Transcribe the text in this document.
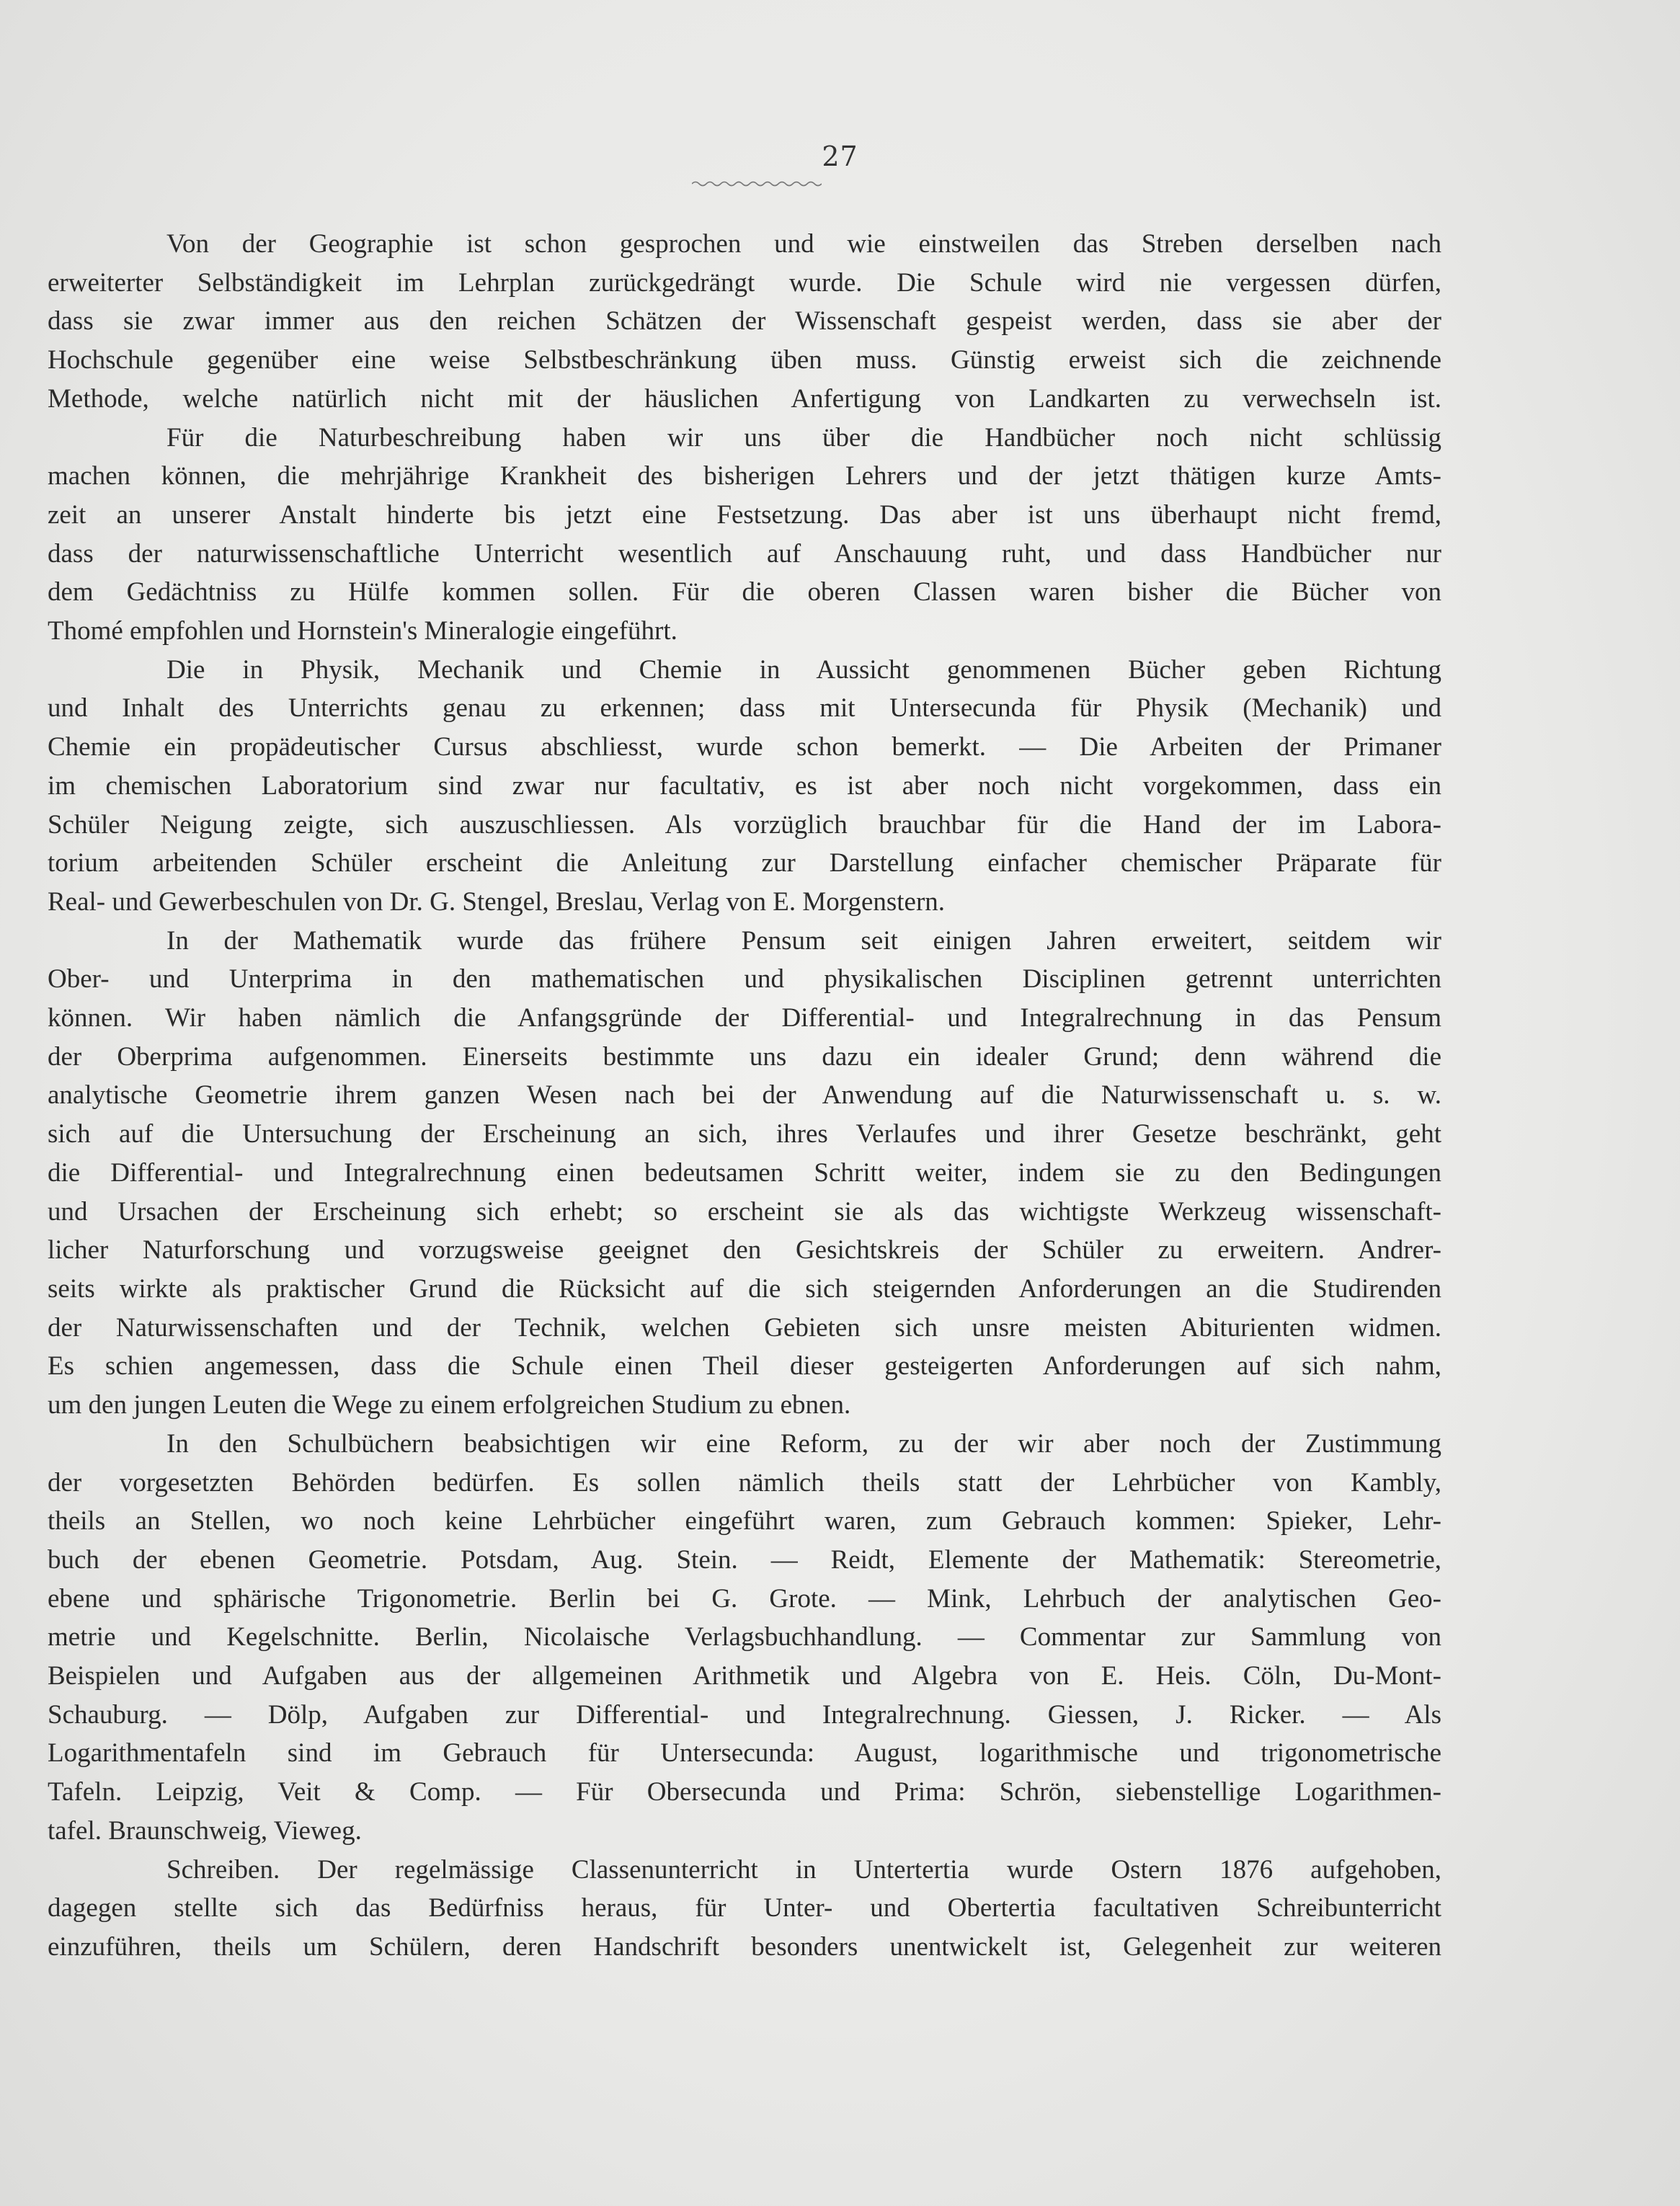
27

Von der Geographie ist schon gesprochen und wie einstweilen das Streben derselben nach
erweiterter Selbständigkeit im Lehrplan zurückgedrängt wurde. Die Schule wird nie vergessen dürfen,
dass sie zwar immer aus den reichen Schätzen der Wissenschaft gespeist werden, dass sie aber der
Hochschule gegenüber eine weise Selbstbeschränkung üben muss. Günstig erweist sich die zeichnende
Methode, welche natürlich nicht mit der häuslichen Anfertigung von Landkarten zu verwechseln ist.

Für die Naturbeschreibung haben wir uns über die Handbücher noch nicht schlüssig
machen können, die mehrjährige Krankheit des bisherigen Lehrers und der jetzt thätigen kurze Amts-
zeit an unserer Anstalt hinderte bis jetzt eine Festsetzung. Das aber ist uns überhaupt nicht fremd,
dass der naturwissenschaftliche Unterricht wesentlich auf Anschauung ruht, und dass Handbücher nur
dem Gedächtniss zu Hülfe kommen sollen. Für die oberen Classen waren bisher die Bücher von
Thomé empfohlen und Hornstein's Mineralogie eingeführt.

Die in Physik, Mechanik und Chemie in Aussicht genommenen Bücher geben Richtung
und Inhalt des Unterrichts genau zu erkennen; dass mit Untersecunda für Physik (Mechanik) und
Chemie ein propädeutischer Cursus abschliesst, wurde schon bemerkt. — Die Arbeiten der Primaner
im chemischen Laboratorium sind zwar nur facultativ, es ist aber noch nicht vorgekommen, dass ein
Schüler Neigung zeigte, sich auszuschliessen. Als vorzüglich brauchbar für die Hand der im Labora-
torium arbeitenden Schüler erscheint die Anleitung zur Darstellung einfacher chemischer Präparate für
Real- und Gewerbeschulen von Dr. G. Stengel, Breslau, Verlag von E. Morgenstern.

In der Mathematik wurde das frühere Pensum seit einigen Jahren erweitert, seitdem wir
Ober- und Unterprima in den mathematischen und physikalischen Disciplinen getrennt unterrichten
können. Wir haben nämlich die Anfangsgründe der Differential- und Integralrechnung in das Pensum
der Oberprima aufgenommen. Einerseits bestimmte uns dazu ein idealer Grund; denn während die
analytische Geometrie ihrem ganzen Wesen nach bei der Anwendung auf die Naturwissenschaft u. s. w.
sich auf die Untersuchung der Erscheinung an sich, ihres Verlaufes und ihrer Gesetze beschränkt, geht
die Differential- und Integralrechnung einen bedeutsamen Schritt weiter, indem sie zu den Bedingungen
und Ursachen der Erscheinung sich erhebt; so erscheint sie als das wichtigste Werkzeug wissenschaft-
licher Naturforschung und vorzugsweise geeignet den Gesichtskreis der Schüler zu erweitern. Andrer-
seits wirkte als praktischer Grund die Rücksicht auf die sich steigernden Anforderungen an die Studirenden
der Naturwissenschaften und der Technik, welchen Gebieten sich unsre meisten Abiturienten widmen.
Es schien angemessen, dass die Schule einen Theil dieser gesteigerten Anforderungen auf sich nahm,
um den jungen Leuten die Wege zu einem erfolgreichen Studium zu ebnen.

In den Schulbüchern beabsichtigen wir eine Reform, zu der wir aber noch der Zustimmung
der vorgesetzten Behörden bedürfen. Es sollen nämlich theils statt der Lehrbücher von Kambly,
theils an Stellen, wo noch keine Lehrbücher eingeführt waren, zum Gebrauch kommen: Spieker, Lehr-
buch der ebenen Geometrie. Potsdam, Aug. Stein. — Reidt, Elemente der Mathematik: Stereometrie,
ebene und sphärische Trigonometrie. Berlin bei G. Grote. — Mink, Lehrbuch der analytischen Geo-
metrie und Kegelschnitte. Berlin, Nicolaische Verlagsbuchhandlung. — Commentar zur Sammlung von
Beispielen und Aufgaben aus der allgemeinen Arithmetik und Algebra von E. Heis. Cöln, Du-Mont-
Schauburg. — Dölp, Aufgaben zur Differential- und Integralrechnung. Giessen, J. Ricker. — Als
Logarithmentafeln sind im Gebrauch für Untersecunda: August, logarithmische und trigonometrische
Tafeln. Leipzig, Veit & Comp. — Für Obersecunda und Prima: Schrön, siebenstellige Logarithmen-
tafel. Braunschweig, Vieweg.

Schreiben. Der regelmässige Classenunterricht in Untertertia wurde Ostern 1876 aufgehoben,
dagegen stellte sich das Bedürfniss heraus, für Unter- und Obertertia facultativen Schreibunterricht
einzuführen, theils um Schülern, deren Handschrift besonders unentwickelt ist, Gelegenheit zur weiteren
